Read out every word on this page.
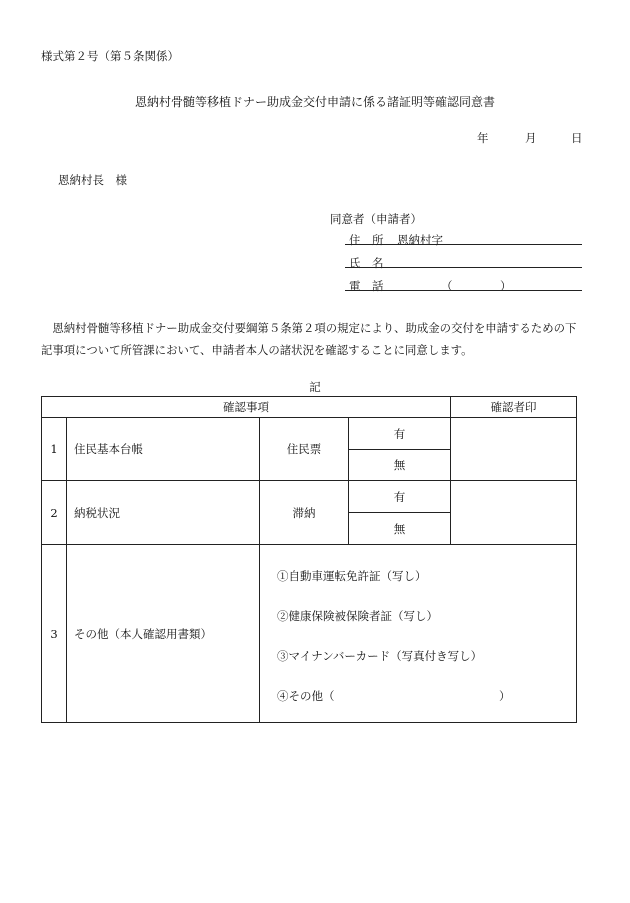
様式第２号（第５条関係）
恩納村骨髄等移植ドナー助成金交付申請に係る諸証明等確認同意書
年	月	日
恩納村長　様
同意者（申請者）
住　所 恩納村字
氏　名
電　話	（	）
恩納村骨髄等移植ドナー助成金交付要綱第５条第２項の規定により、助成金の交付を申請するための下記事項について所管課において、申請者本人の諸状況を確認することに同意します。
記
確認事項				確認者印
1	住民基本台帳	住民票	有	
			無	
2	納税状況	滞納	有	
			無	
3	その他（本人確認用書類）	①自動車運転免許証（写し）
②健康保険被保険者証（写し）
③マイナンバーカード（写真付き写し）
④その他（ ）		
